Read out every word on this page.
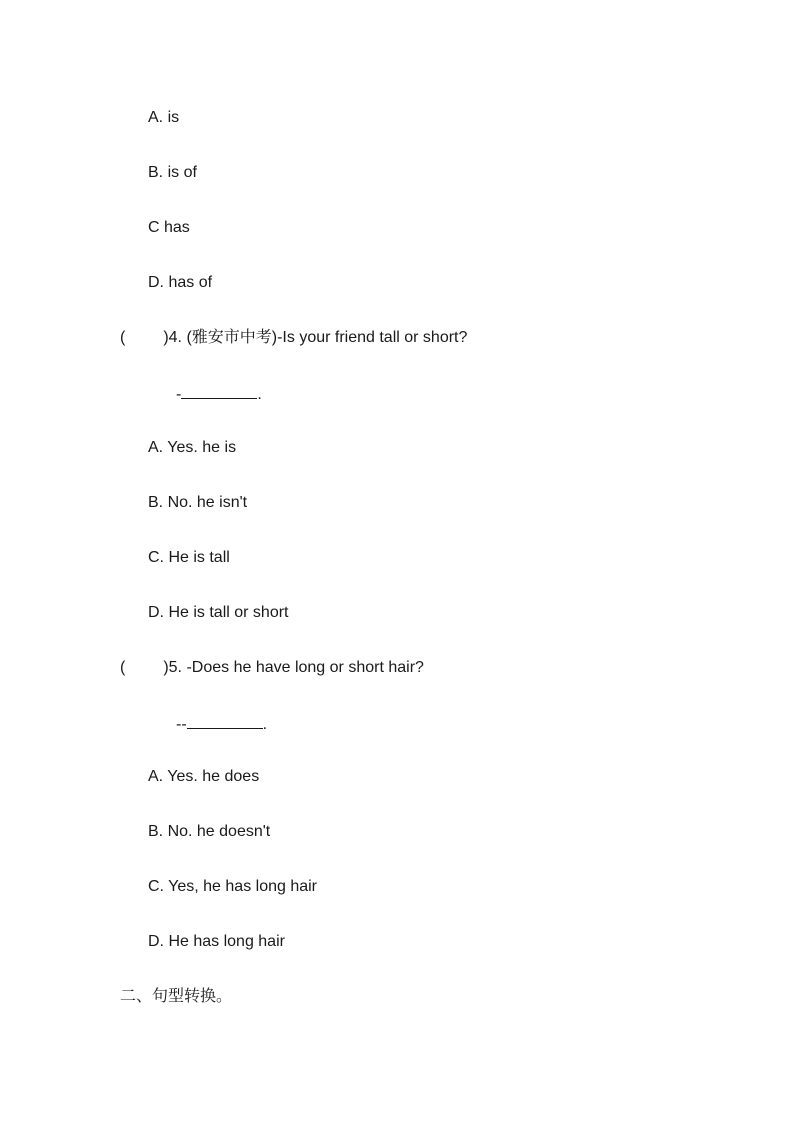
A. is
B. is of
C has
D. has of
( )4. (雅安市中考)-Is your friend tall or short?
-	.
A. Yes. he is
B. No. he isn't
C. He is tall
D. He is tall or short
( )5. -Does he have long or short hair?
--	.
A. Yes. he does
B. No. he doesn't
C. Yes, he has long hair
D. He has long hair
二、句型转换。
